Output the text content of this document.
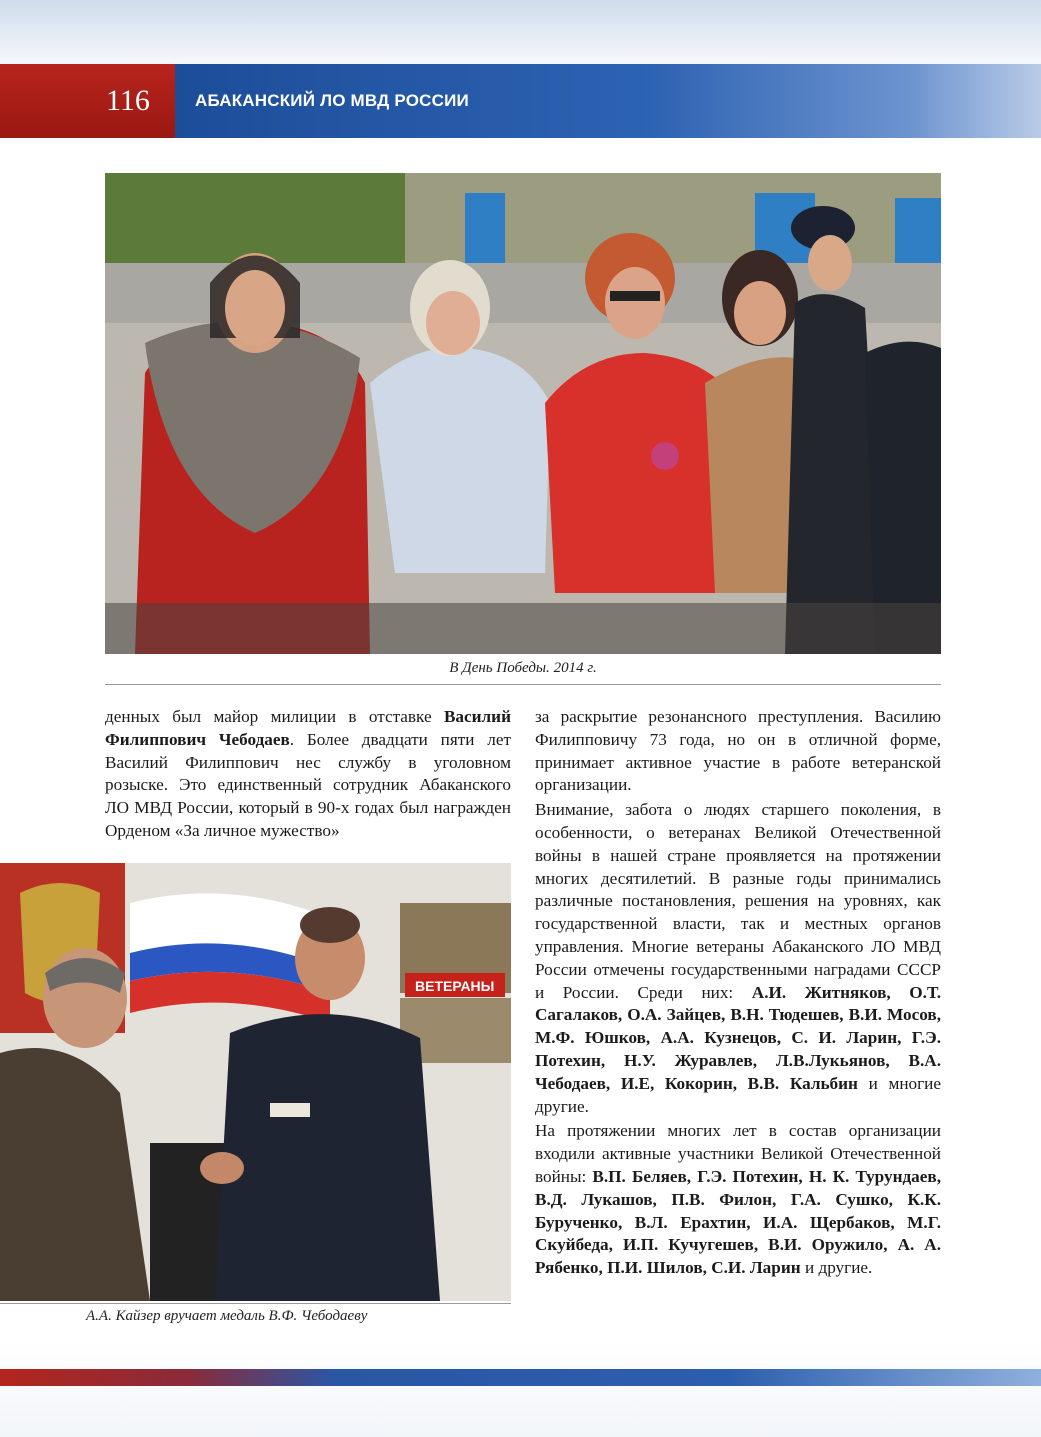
116	АБАКАНСКИЙ ЛО МВД РОССИИ
В День Победы. 2014 г.

денных был майор милиции в отставке Василий Филиппович Чебодаев. Более двадцати пяти лет Василий Филиппович нес службу в уголовном розыске. Это единственный сотрудник Абаканского ЛО МВД России, который в 90-х годах был награжден Орденом «За личное мужество»

ВЕТЕРАНЫ
А.А. Кайзер вручает медаль В.Ф. Чебодаеву

за раскрытие резонансного преступления. Василию Филипповичу 73 года, но он в отличной форме, принимает активное участие в работе ветеранской организации.

Внимание, забота о людях старшего поколения, в особенности, о ветеранах Великой Отечественной войны в нашей стране проявляется на протяжении многих десятилетий. В разные годы принимались различные постановления, решения на уровнях, как государственной власти, так и местных органов управления. Многие ветераны Абаканского ЛО МВД России отмечены государственными наградами СССР и России. Среди них: А.И. Житняков, О.Т. Сагалаков, О.А. Зайцев, В.Н. Тюдешев, В.И. Мосов, М.Ф. Юшков, А.А. Кузнецов, С. И. Ларин, Г.Э. Потехин, Н.У. Журавлев, Л.В.Лукьянов, В.А. Чебодаев, И.Е, Кокорин, В.В. Кальбин и многие другие.

На протяжении многих лет в состав организации входили активные участники Великой Отечественной войны: В.П. Беляев, Г.Э. Потехин, Н. К. Турундаев, В.Д. Лукашов, П.В. Филон, Г.А. Сушко, К.К. Бурученко, В.Л. Ерахтин, И.А. Щербаков, М.Г. Скуйбеда, И.П. Кучугешев, В.И. Оружило, А. А. Рябенко, П.И. Шилов, С.И. Ларин и другие.
